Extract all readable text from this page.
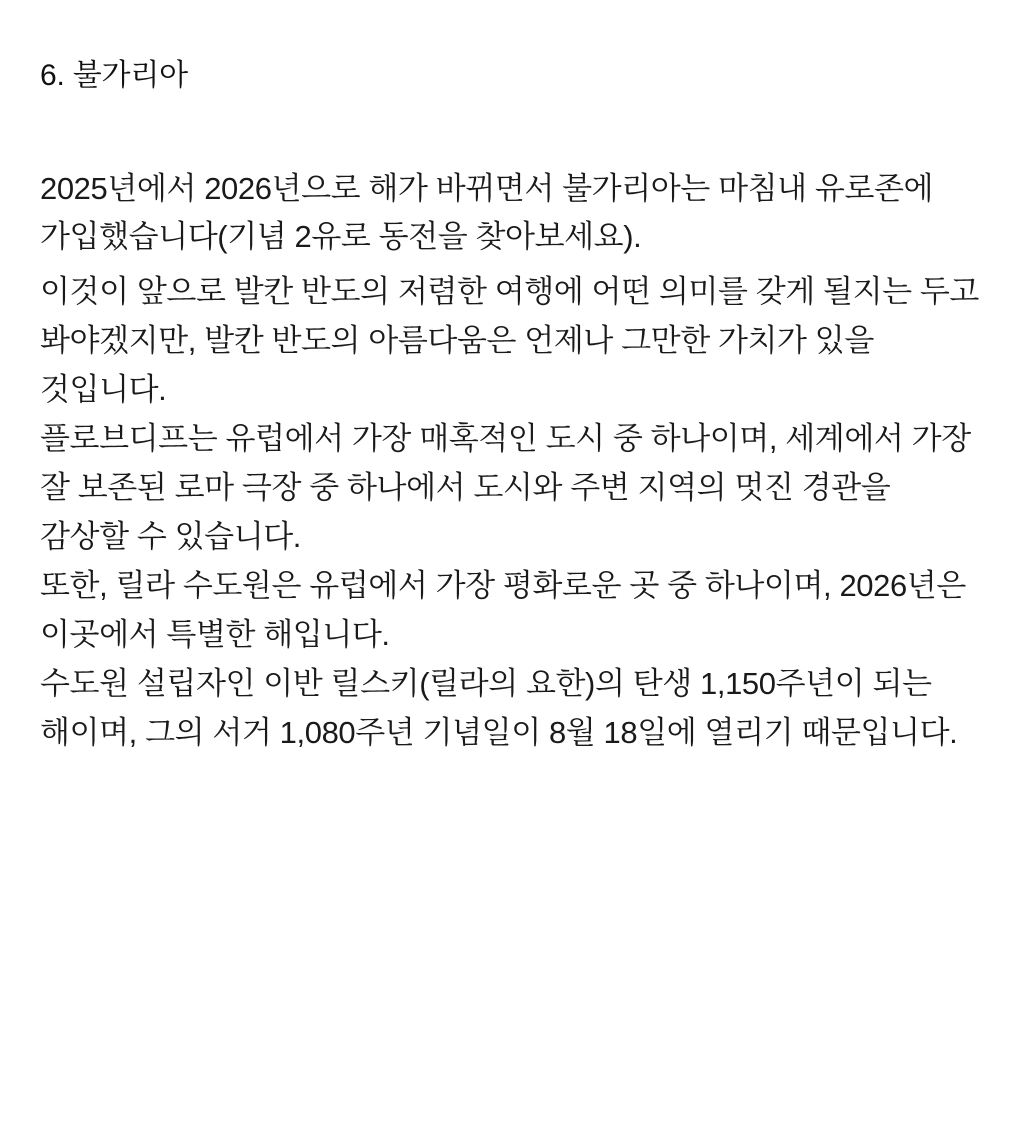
6. 불가리아

2025년에서 2026년으로 해가 바뀌면서 불가리아는 마침내 유로존에 가입했습니다(기념 2유로 동전을 찾아보세요).

이것이 앞으로 발칸 반도의 저렴한 여행에 어떤 의미를 갖게 될지는 두고 봐야겠지만, 발칸 반도의 아름다움은 언제나 그만한 가치가 있을 것입니다.

플로브디프는 유럽에서 가장 매혹적인 도시 중 하나이며, 세계에서 가장 잘 보존된 로마 극장 중 하나에서 도시와 주변 지역의 멋진 경관을 감상할 수 있습니다.

또한, 릴라 수도원은 유럽에서 가장 평화로운 곳 중 하나이며, 2026년은 이곳에서 특별한 해입니다.

수도원 설립자인 이반 릴스키(릴라의 요한)의 탄생 1,150주년이 되는 해이며, 그의 서거 1,080주년 기념일이 8월 18일에 열리기 때문입니다.
